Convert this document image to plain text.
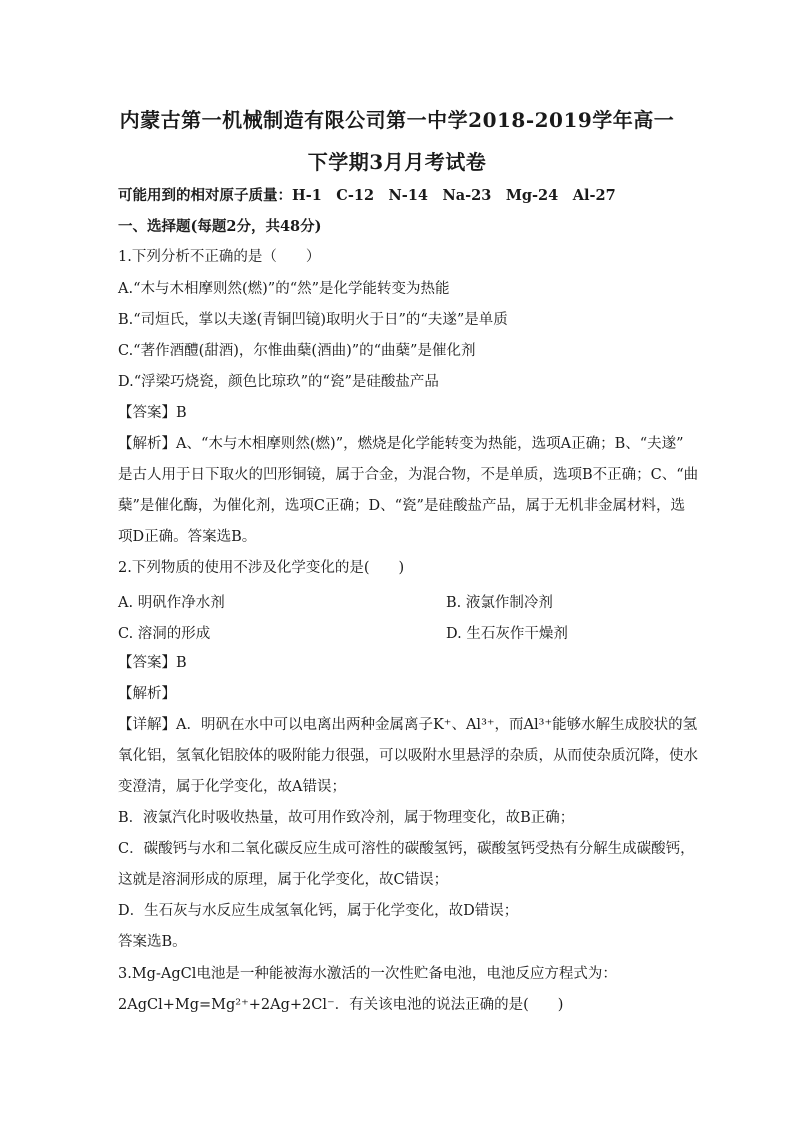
内蒙古第一机械制造有限公司第一中学2018-2019学年高一
下学期3月月考试卷
可能用到的相对原子质量：H-1　C-12　N-14　Na-23　Mg-24　Al-27
一、选择题(每题2分，共48分)
1.下列分析不正确的是（　　）
A.“木与木相摩则然(燃)”的“然”是化学能转变为热能
B.“司烜氏，掌以夫遂(青铜凹镜)取明火于日”的“夫遂”是单质
C.“著作酒醴(甜酒)，尔惟曲蘖(酒曲)”的“曲蘖”是催化剂
D.“浮梁巧烧瓷，颜色比琼玖”的“瓷”是硅酸盐产品
【答案】B
【解析】A、“木与木相摩则然(燃)”，燃烧是化学能转变为热能，选项A正确；B、“夫遂”
是古人用于日下取火的凹形铜镜，属于合金，为混合物，不是单质，选项B不正确；C、“曲
蘖”是催化酶，为催化剂，选项C正确；D、“瓷”是硅酸盐产品，属于无机非金属材料，选
项D正确。答案选B。
2.下列物质的使用不涉及化学变化的是(　　)
A. 明矾作净水剂	B. 液氯作制冷剂
C. 溶洞的形成	D. 生石灰作干燥剂
【答案】B
【解析】
【详解】A．明矾在水中可以电离出两种金属离子K⁺、Al³⁺，而Al³⁺能够水解生成胶状的氢
氧化铝，氢氧化铝胶体的吸附能力很强，可以吸附水里悬浮的杂质，从而使杂质沉降，使水
变澄清，属于化学变化，故A错误；
B．液氯汽化时吸收热量，故可用作致冷剂，属于物理变化，故B正确；
C．碳酸钙与水和二氧化碳反应生成可溶性的碳酸氢钙，碳酸氢钙受热有分解生成碳酸钙，
这就是溶洞形成的原理，属于化学变化，故C错误；
D．生石灰与水反应生成氢氧化钙，属于化学变化，故D错误；
答案选B。
3.Mg-AgCl电池是一种能被海水激活的一次性贮备电池，电池反应方程式为：
2AgCl+Mg=Mg²⁺+2Ag+2Cl⁻．有关该电池的说法正确的是(　　)
